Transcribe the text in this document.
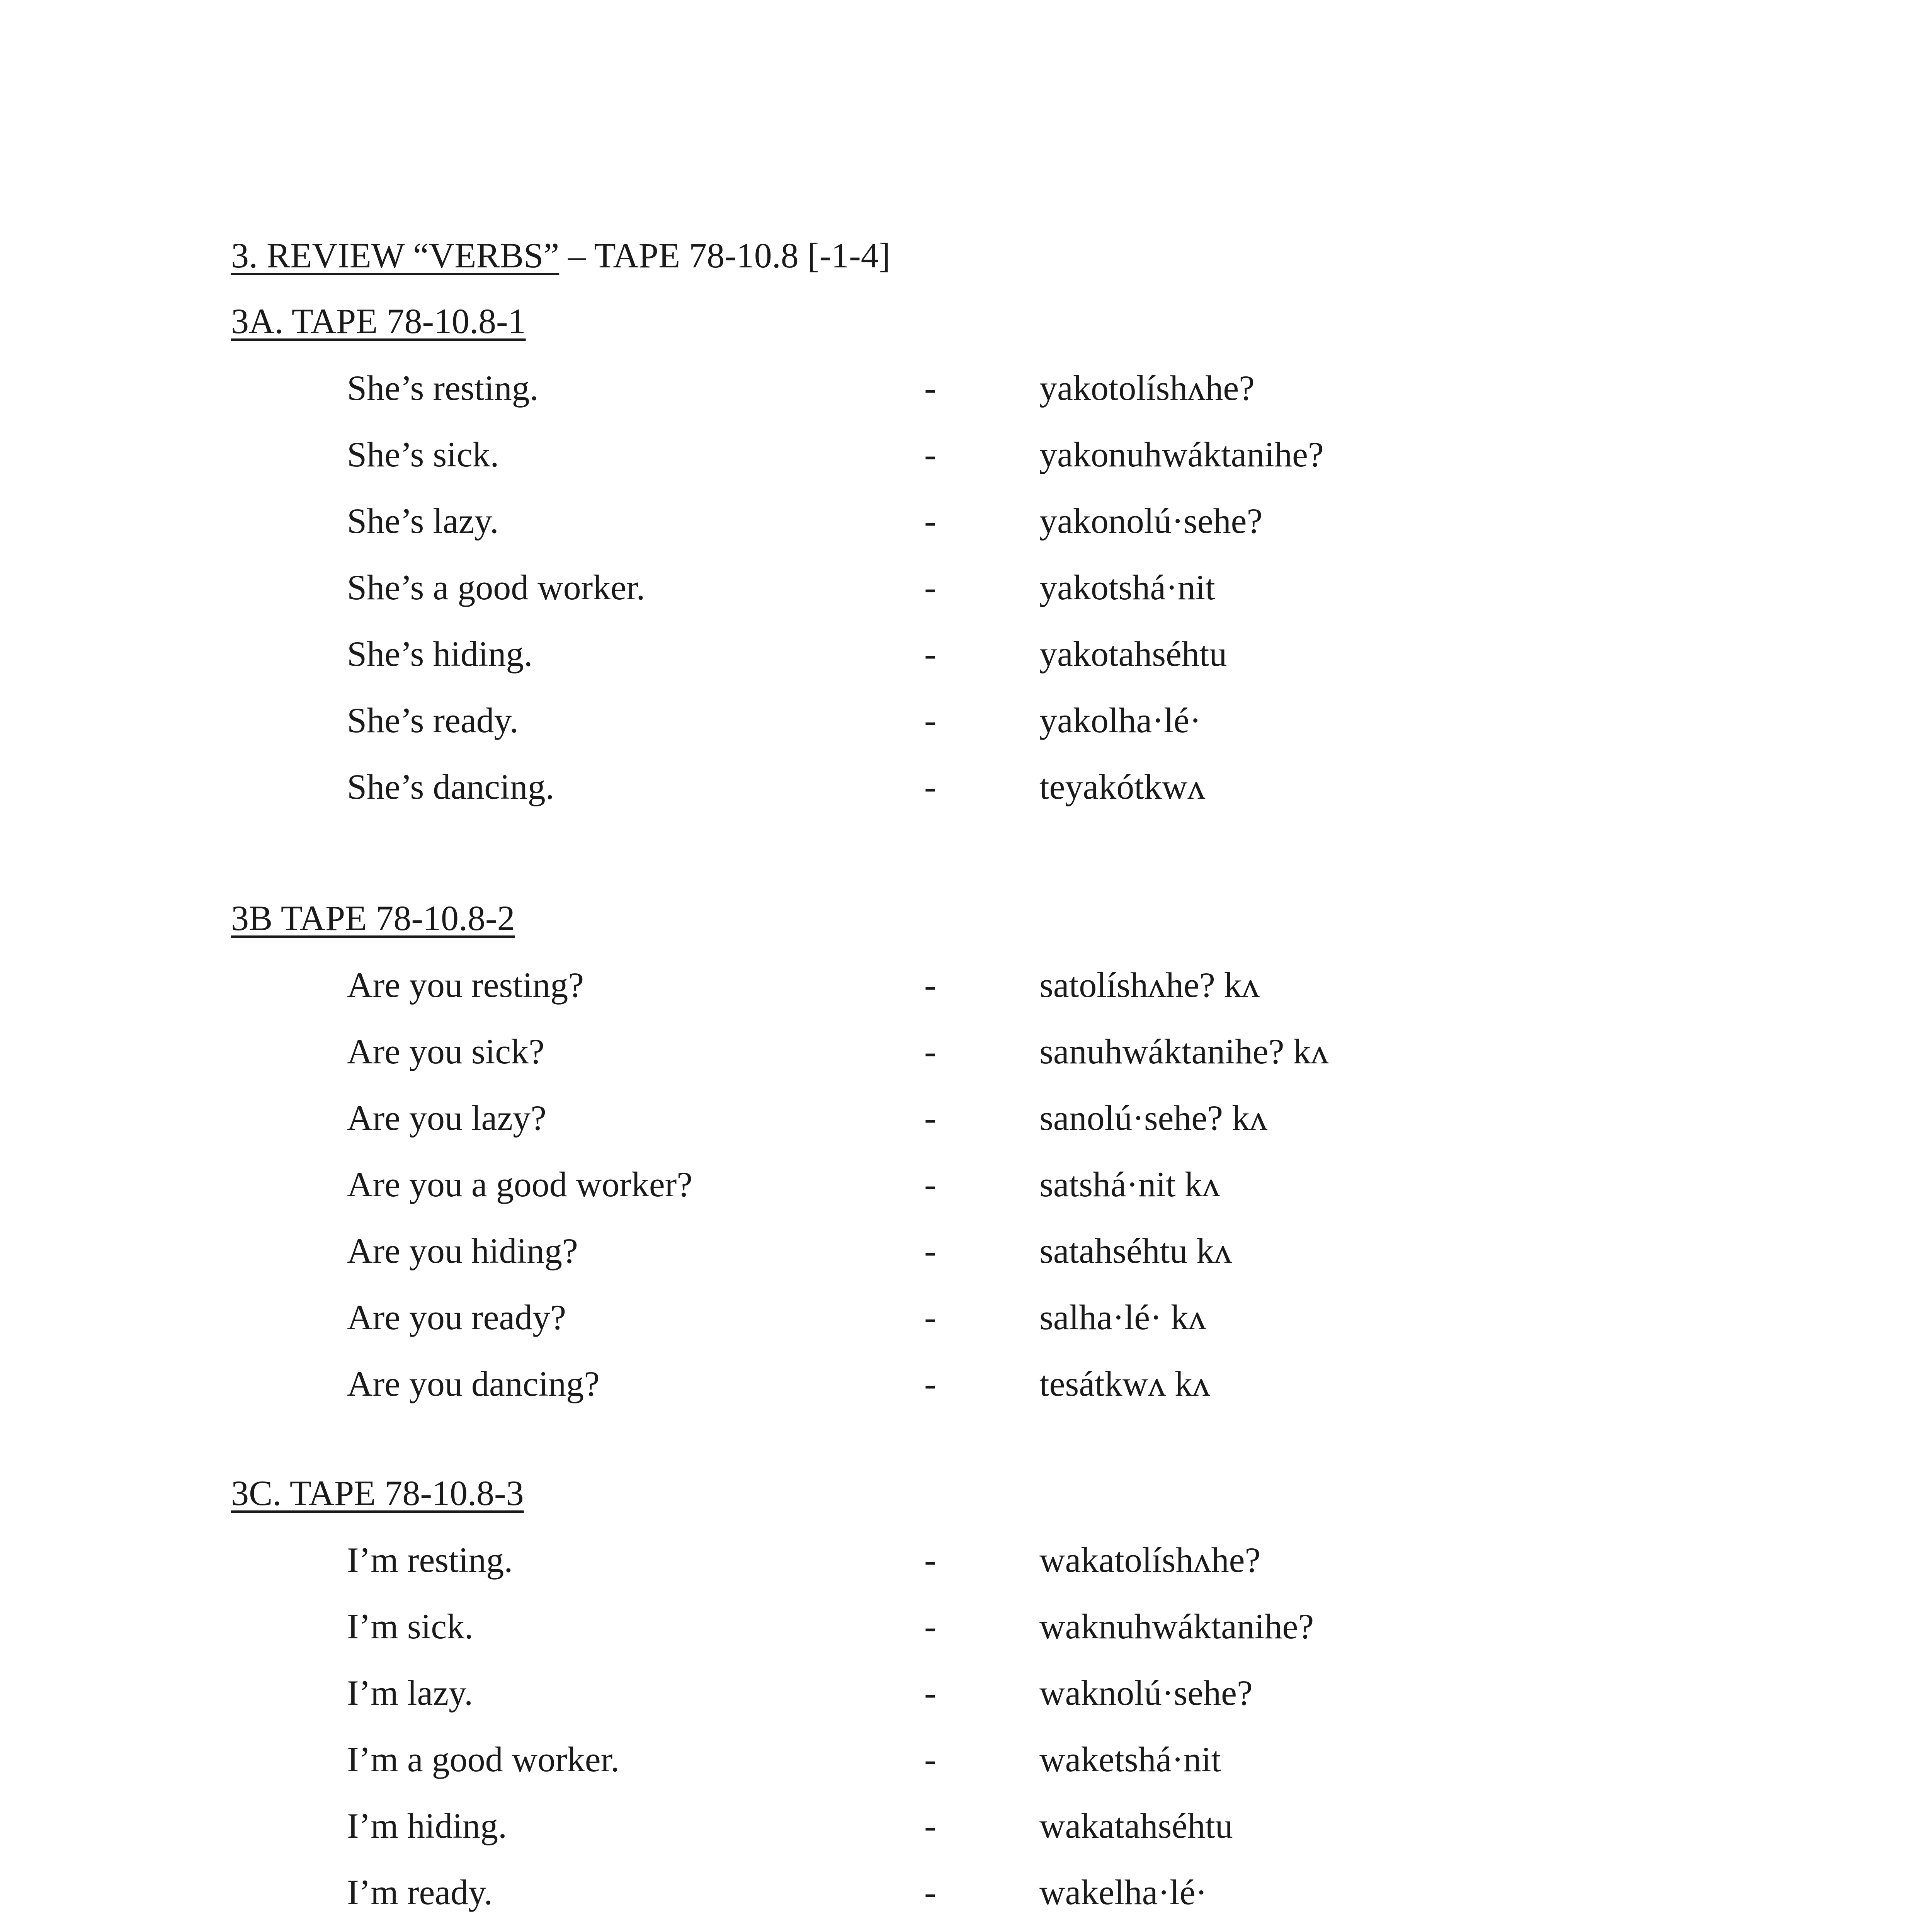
3. REVIEW “VERBS” – TAPE 78-10.8 [-1-4]
3A. TAPE 78-10.8-1
She’s resting.	-	yakotolíshʌhe?
She’s sick.	-	yakonuhwáktanihe?
She’s lazy.	-	yakonolú·sehe?
She’s a good worker.	-	yakotshá·nit
She’s hiding.	-	yakotahséhtu
She’s ready.	-	yakolha·lé·
She’s dancing.	-	teyakótkwʌ
3B TAPE 78-10.8-2
Are you resting?	-	satolíshʌhe? kʌ
Are you sick?	-	sanuhwáktanihe? kʌ
Are you lazy?	-	sanolú·sehe? kʌ
Are you a good worker?	-	satshá·nit kʌ
Are you hiding?	-	satahséhtu kʌ
Are you ready?	-	salha·lé· kʌ
Are you dancing?	-	tesátkwʌ kʌ
3C. TAPE 78-10.8-3
I’m resting.	-	wakatolíshʌhe?
I’m sick.	-	waknuhwáktanihe?
I’m lazy.	-	waknolú·sehe?
I’m a good worker.	-	waketshá·nit
I’m hiding.	-	wakatahséhtu
I’m ready.	-	wakelha·lé·
